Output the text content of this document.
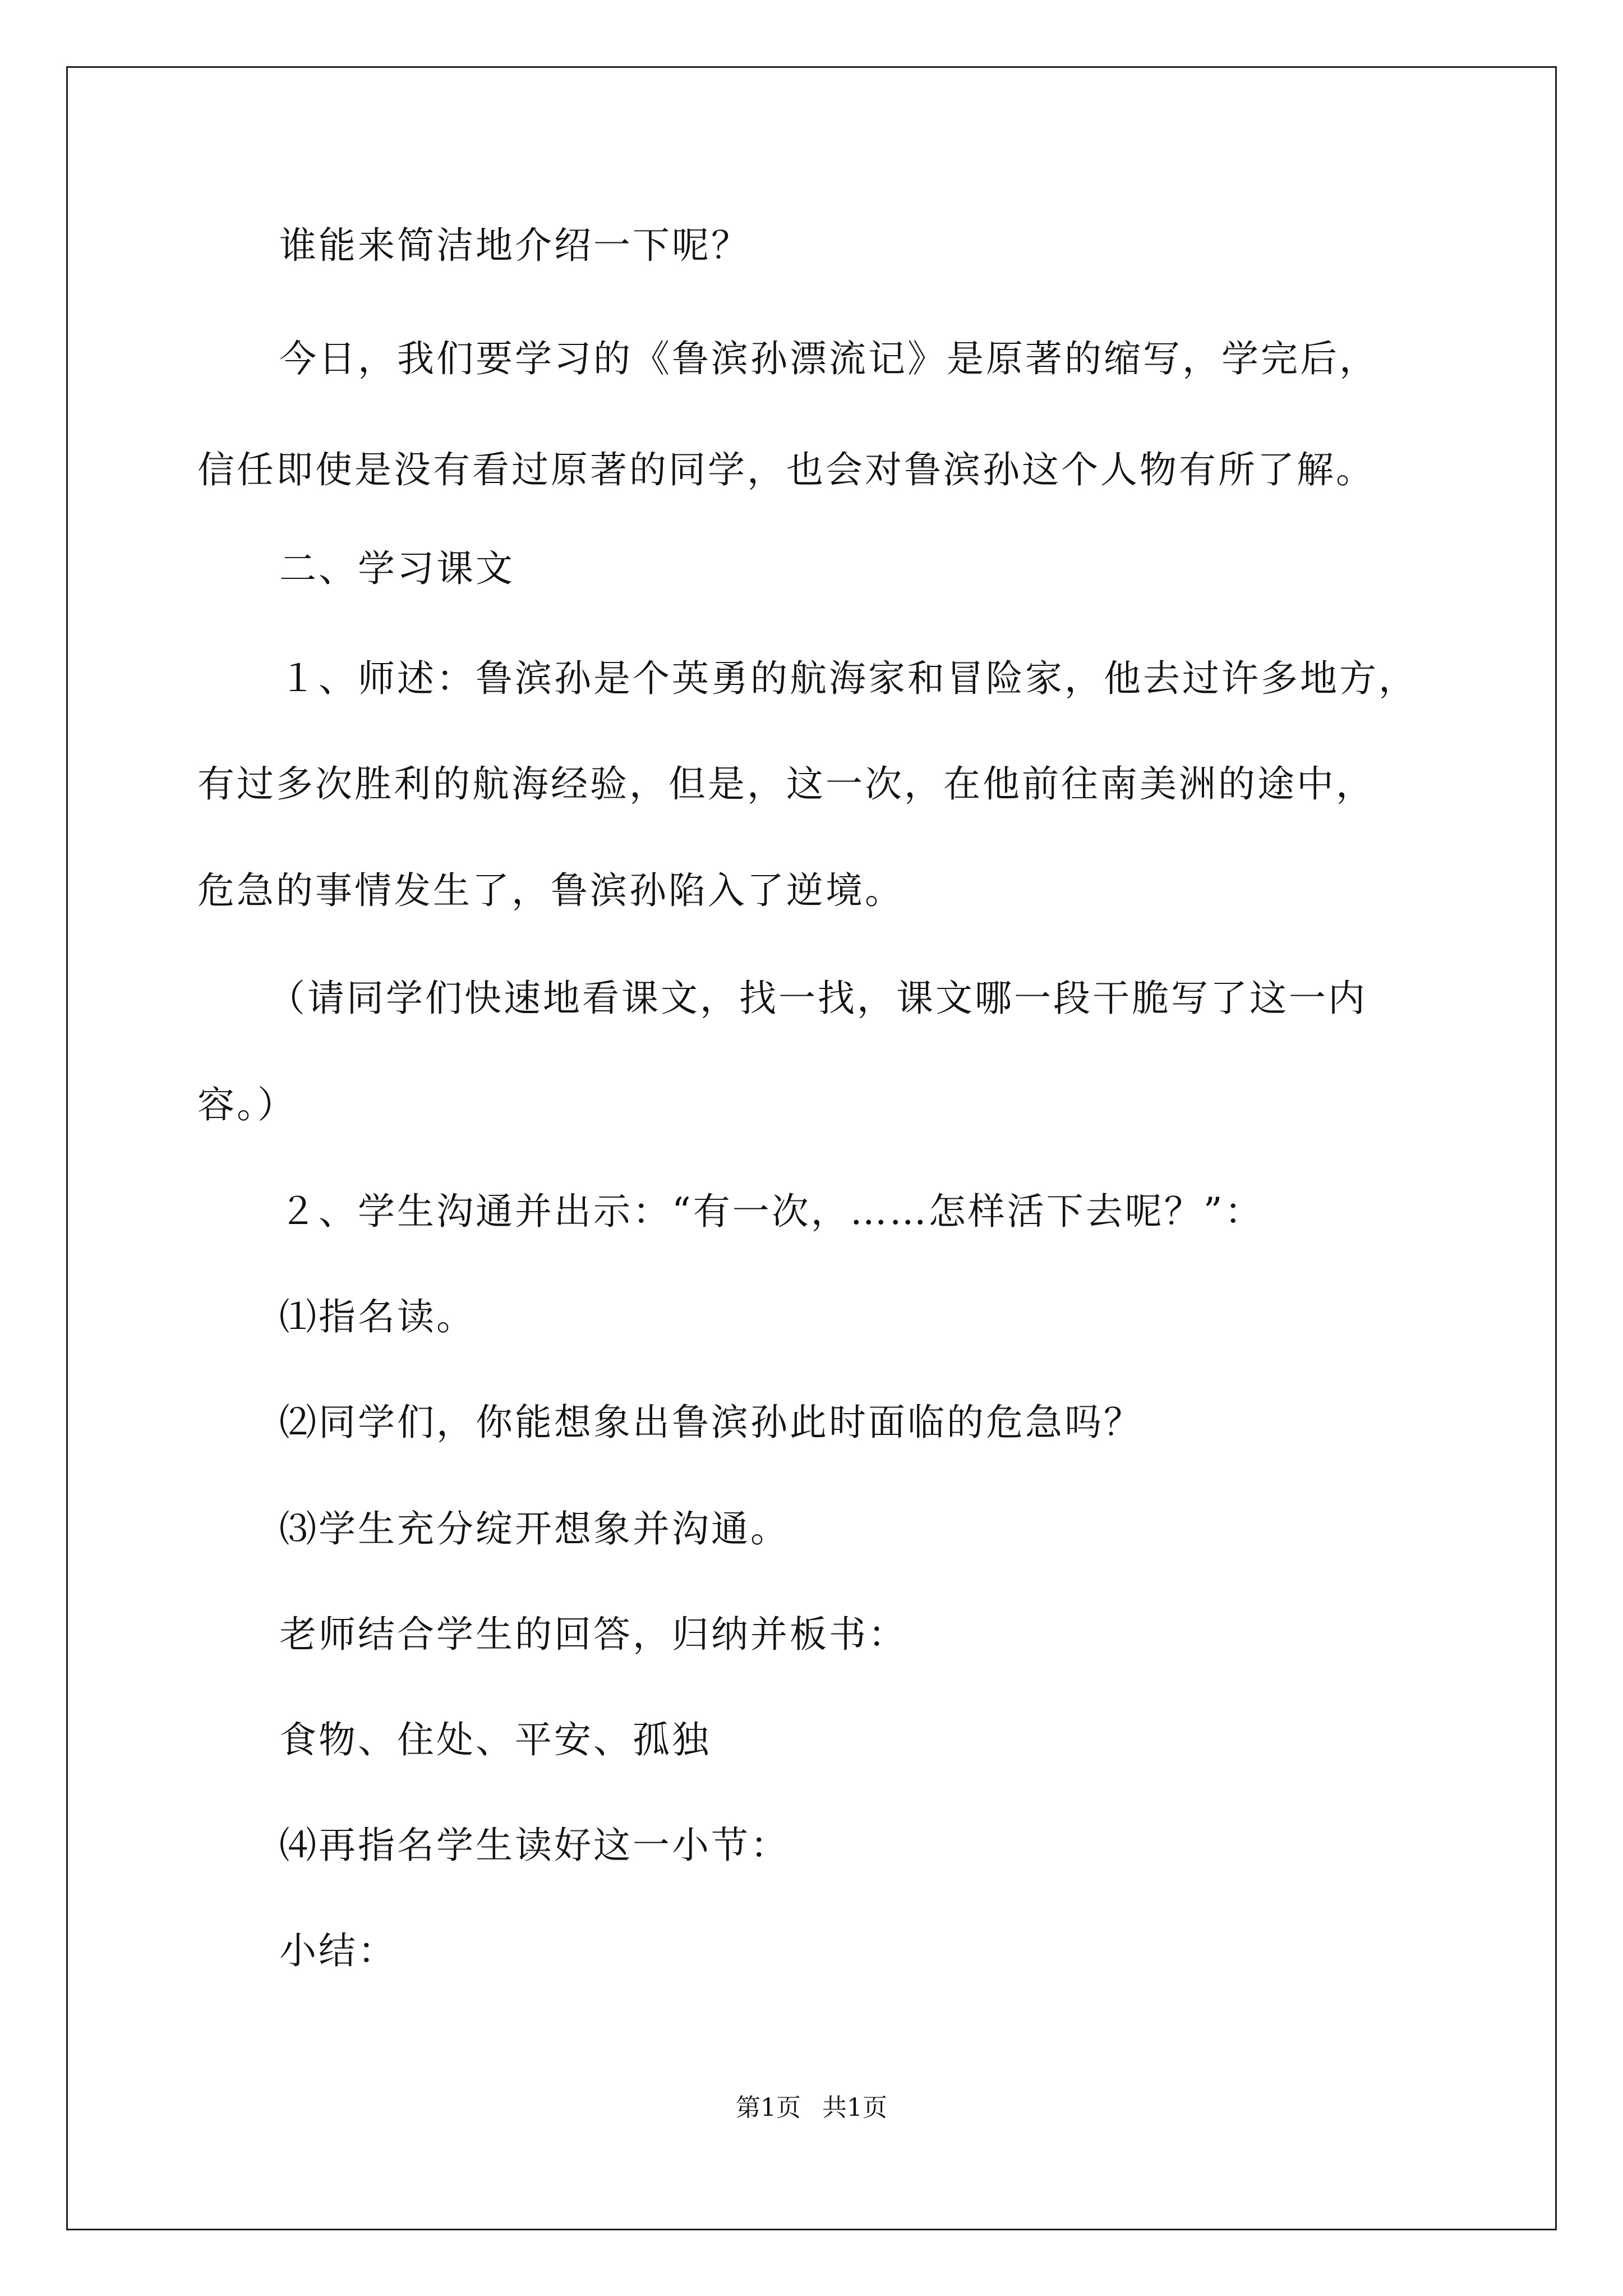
谁能来简洁地介绍一下呢？
今日，我们要学习的《鲁滨孙漂流记》是原著的缩写，学完后，
信任即使是没有看过原著的同学，也会对鲁滨孙这个人物有所了解。
二、学习课文
１、师述：鲁滨孙是个英勇的航海家和冒险家，他去过许多地方，
有过多次胜利的航海经验，但是，这一次，在他前往南美洲的途中，
危急的事情发生了，鲁滨孙陷入了逆境。
（请同学们快速地看课文，找一找，课文哪一段干脆写了这一内
容。）
２、学生沟通并出示：“有一次，……怎样活下去呢？”：
⑴指名读。
⑵同学们，你能想象出鲁滨孙此时面临的危急吗？
⑶学生充分绽开想象并沟通。
老师结合学生的回答，归纳并板书：
食物、住处、平安、孤独
⑷再指名学生读好这一小节：
小结：
第1页 共1页
